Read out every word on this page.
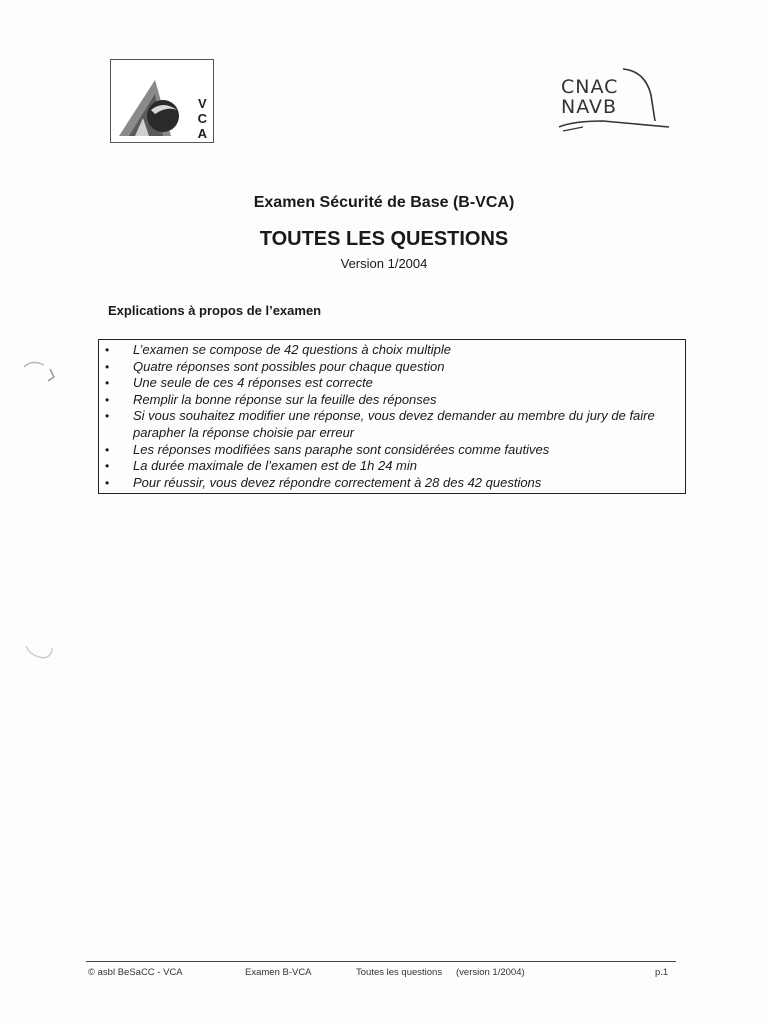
V
C
A
CNAC
NAVB
Examen Sécurité de Base (B-VCA)
TOUTES LES QUESTIONS

Version 1/2004

Explications à propos de l’examen
• L’examen se compose de 42 questions à choix multiple
• Quatre réponses sont possibles pour chaque question
• Une seule de ces 4 réponses est correcte
• Remplir la bonne réponse sur la feuille des réponses
• Si vous souhaitez modifier une réponse, vous devez demander au membre du jury de faire parapher la réponse choisie par erreur
• Les réponses modifiées sans paraphe sont considérées comme fautives
• La durée maximale de l’examen est de 1h 24 min
• Pour réussir, vous devez répondre correctement à 28 des 42 questions
© asbl BeSaCC - VCA	Examen B-VCA	Toutes les questions (version 1/2004)	p.1
